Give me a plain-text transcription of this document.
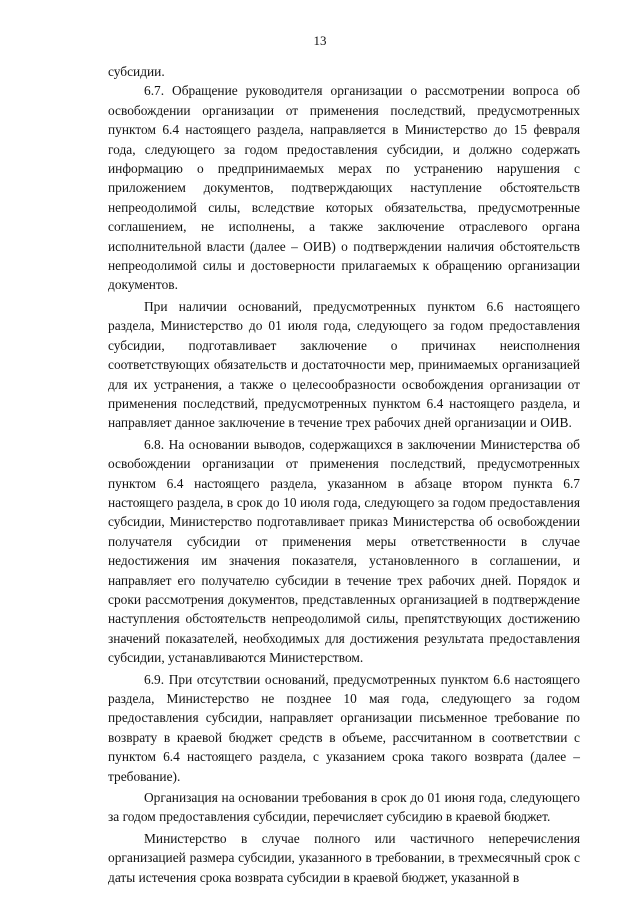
13

субсидии.

6.7. Обращение руководителя организации о рассмотрении вопроса об освобождении организации от применения последствий, предусмотренных пунктом 6.4 настоящего раздела, направляется в Министерство до 15 февраля года, следующего за годом предоставления субсидии, и должно содержать информацию о предпринимаемых мерах по устранению нарушения с приложением документов, подтверждающих наступление обстоятельств непреодолимой силы, вследствие которых обязательства, предусмотренные соглашением, не исполнены, а также заключение отраслевого органа исполнительной власти (далее – ОИВ) о подтверждении наличия обстоятельств непреодолимой силы и достоверности прилагаемых к обращению организации документов.

При наличии оснований, предусмотренных пунктом 6.6 настоящего раздела, Министерство до 01 июля года, следующего за годом предоставления субсидии, подготавливает заключение о причинах неисполнения соответствующих обязательств и достаточности мер, принимаемых организацией для их устранения, а также о целесообразности освобождения организации от применения последствий, предусмотренных пунктом 6.4 настоящего раздела, и направляет данное заключение в течение трех рабочих дней организации и ОИВ.

6.8. На основании выводов, содержащихся в заключении Министерства об освобождении организации от применения последствий, предусмотренных пунктом 6.4 настоящего раздела, указанном в абзаце втором пункта 6.7 настоящего раздела, в срок до 10 июля года, следующего за годом предоставления субсидии, Министерство подготавливает приказ Министерства об освобождении получателя субсидии от применения меры ответственности в случае недостижения им значения показателя, установленного в соглашении, и направляет его получателю субсидии в течение трех рабочих дней. Порядок и сроки рассмотрения документов, представленных организацией в подтверждение наступления обстоятельств непреодолимой силы, препятствующих достижению значений показателей, необходимых для достижения результата предоставления субсидии, устанавливаются Министерством.

6.9. При отсутствии оснований, предусмотренных пунктом 6.6 настоящего раздела, Министерство не позднее 10 мая года, следующего за годом предоставления субсидии, направляет организации письменное требование по возврату в краевой бюджет средств в объеме, рассчитанном в соответствии с пунктом 6.4 настоящего раздела, с указанием срока такого возврата (далее – требование).

Организация на основании требования в срок до 01 июня года, следующего за годом предоставления субсидии, перечисляет субсидию в краевой бюджет.

Министерство в случае полного или частичного неперечисления организацией размера субсидии, указанного в требовании, в трехмесячный срок с даты истечения срока возврата субсидии в краевой бюджет, указанной в
